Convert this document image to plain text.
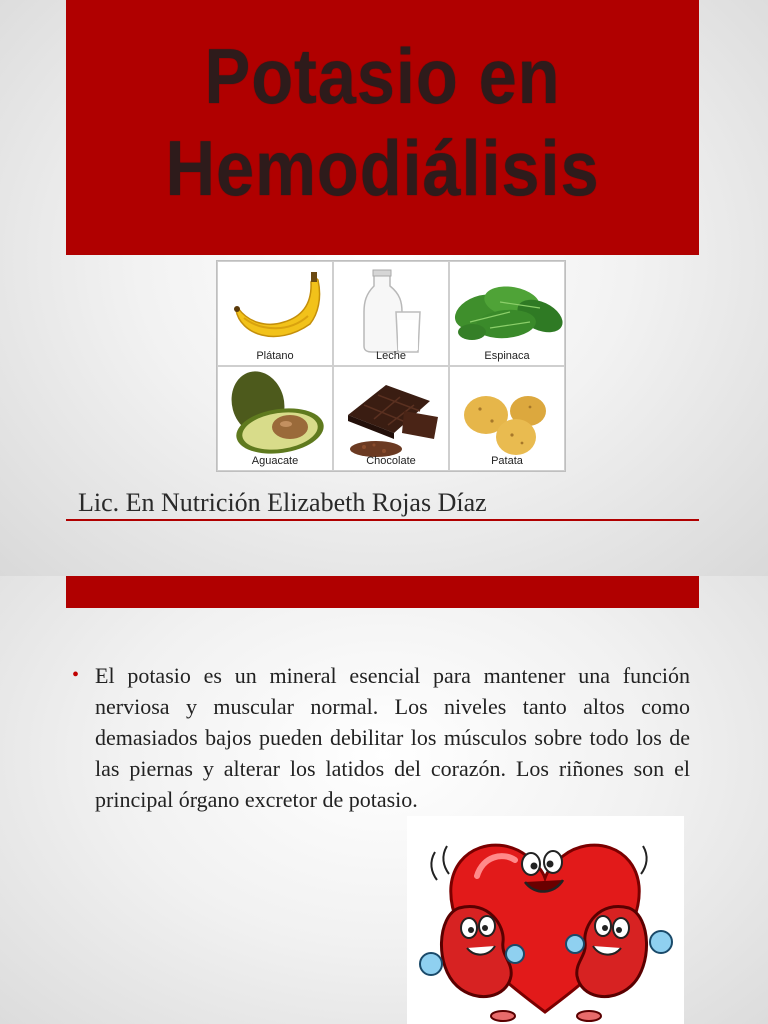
Potasio en
Hemodiálisis
Plátano	Leche	Espinaca
Aguacate	Chocolate	Patata
Lic. En Nutrición Elizabeth Rojas Díaz
• El potasio es un mineral esencial para mantener una función nerviosa y muscular normal. Los niveles tanto altos como demasiados bajos pueden debilitar los músculos sobre todo los de las piernas y alterar los latidos del corazón. Los riñones son el principal órgano excretor de potasio.
